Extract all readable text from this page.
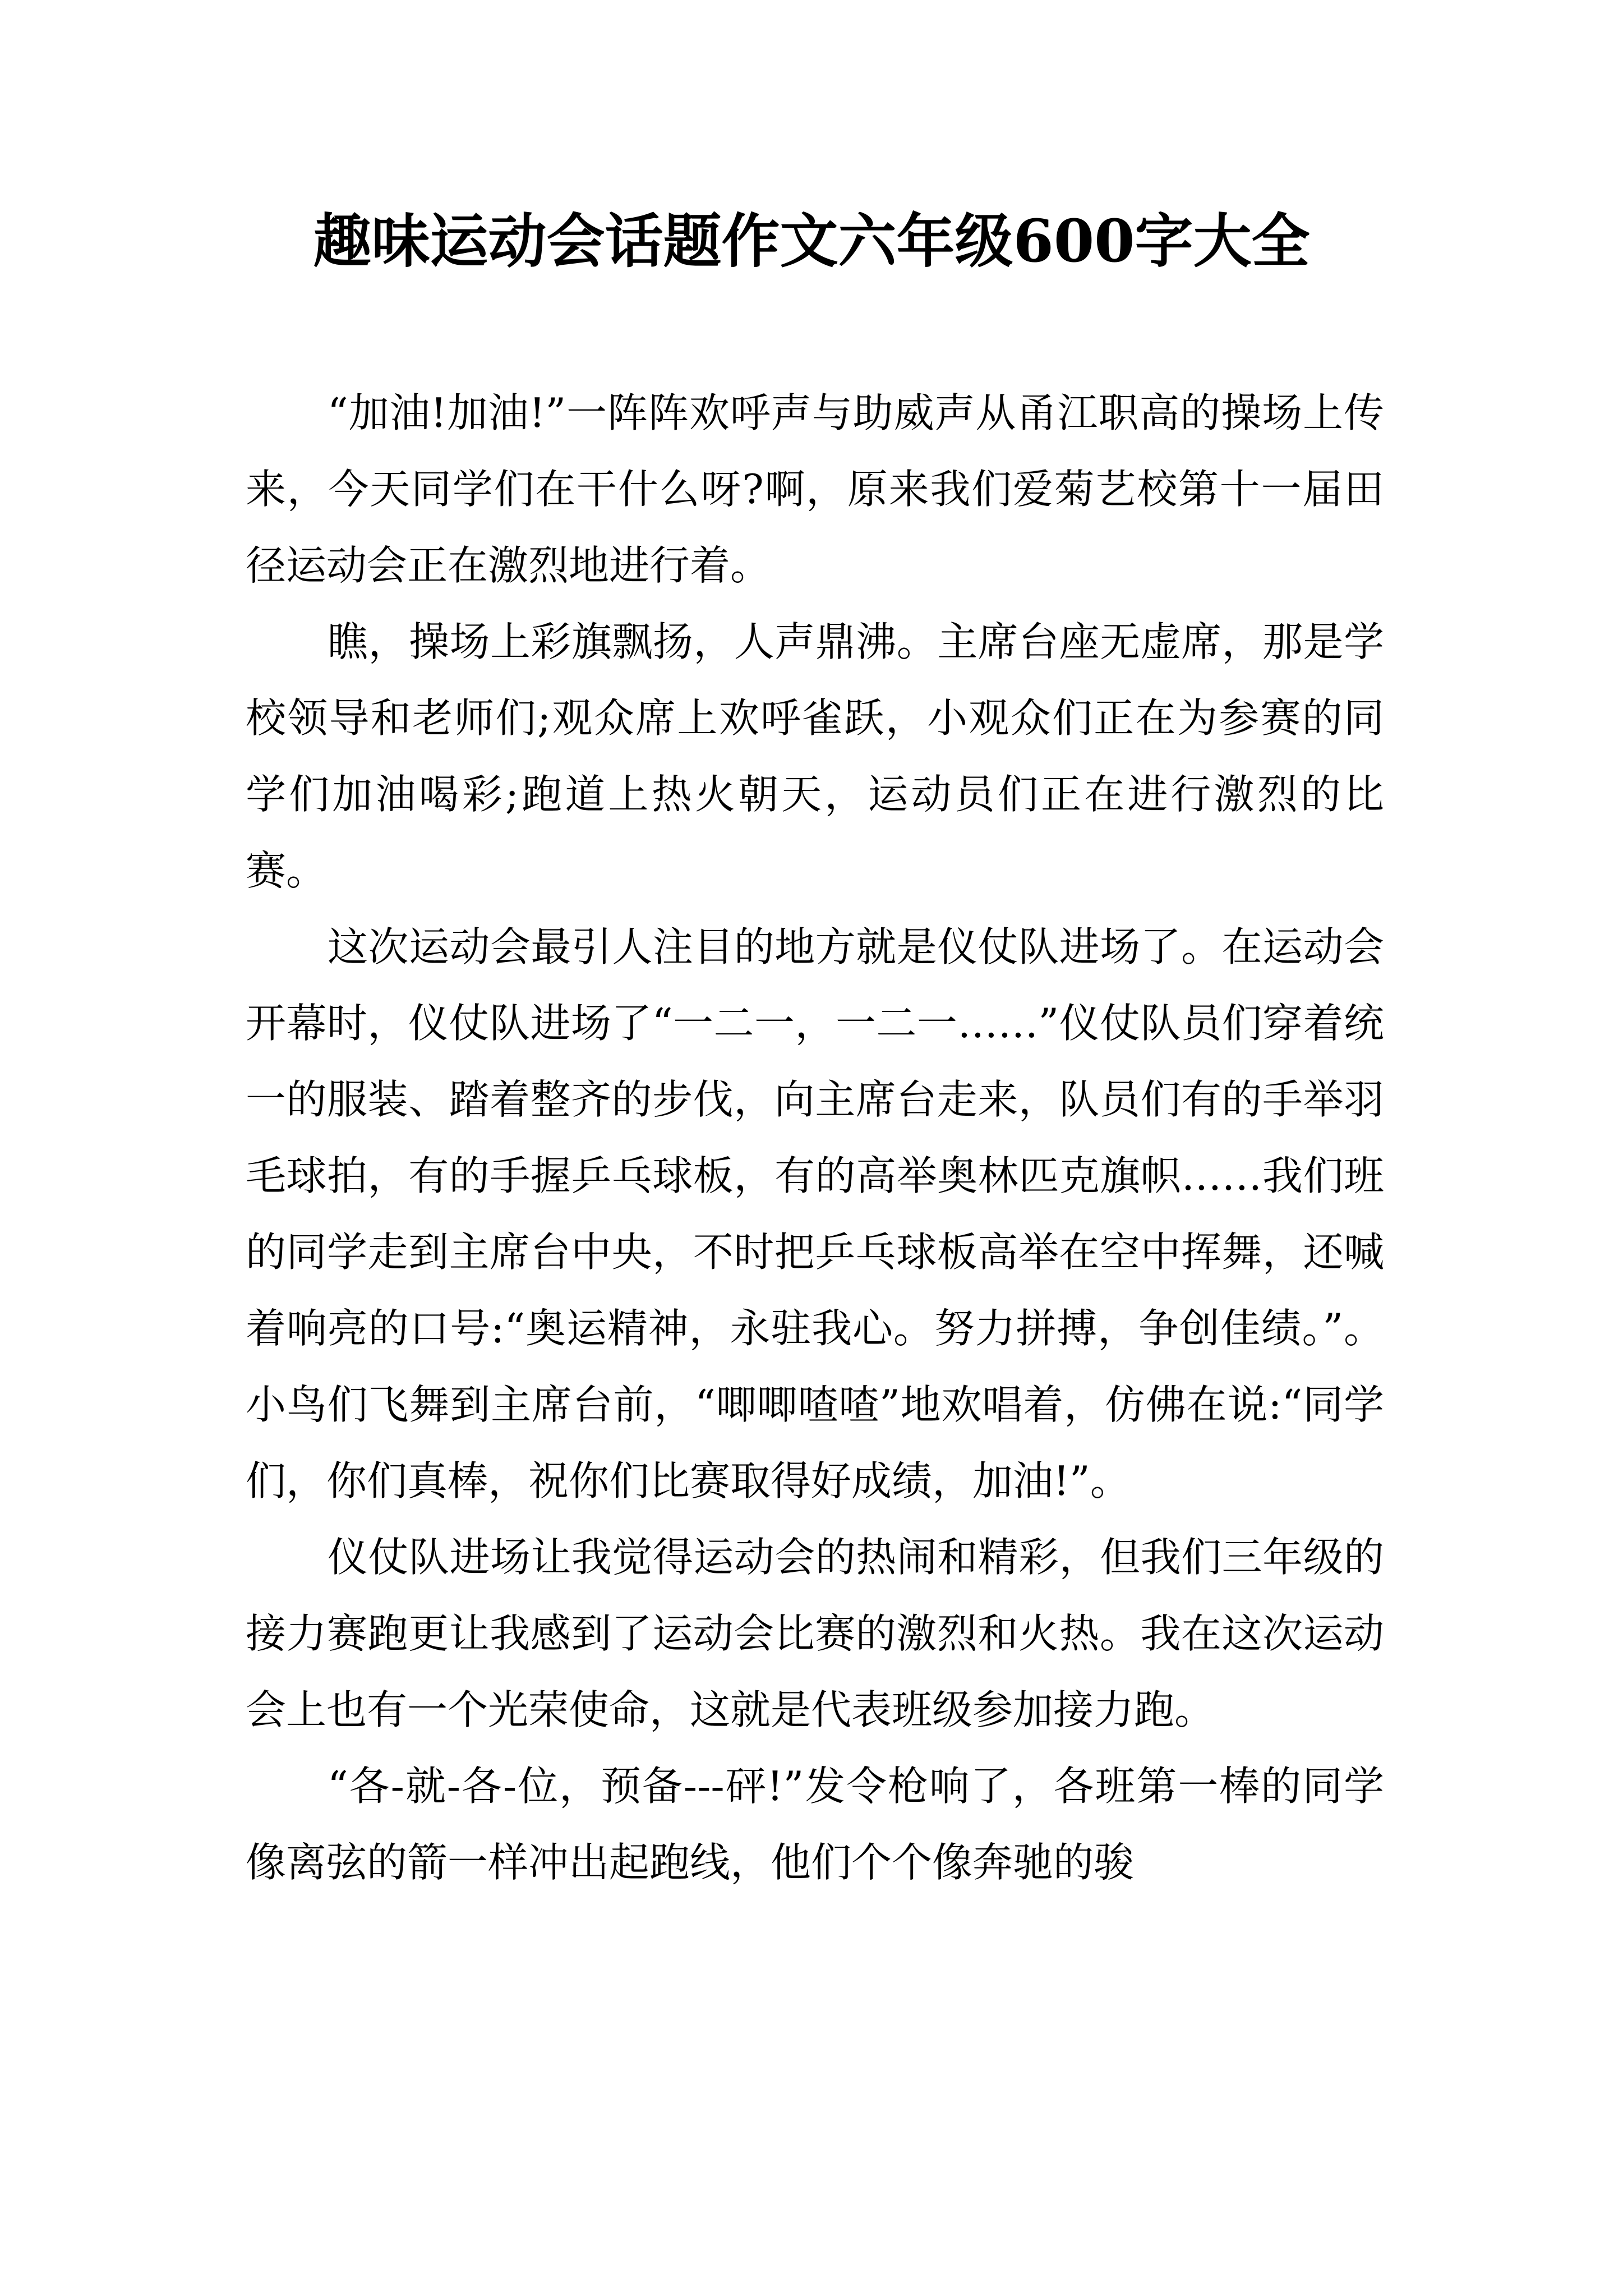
趣味运动会话题作文六年级600字大全

“加油!加油!”一阵阵欢呼声与助威声从甬江职高的操场上传来，今天同学们在干什么呀?啊，原来我们爱菊艺校第十一届田径运动会正在激烈地进行着。

瞧，操场上彩旗飘扬，人声鼎沸。主席台座无虚席，那是学校领导和老师们;观众席上欢呼雀跃，小观众们正在为参赛的同学们加油喝彩;跑道上热火朝天，运动员们正在进行激烈的比赛。

这次运动会最引人注目的地方就是仪仗队进场了。在运动会开幕时，仪仗队进场了“一二一，一二一……”仪仗队员们穿着统一的服装、踏着整齐的步伐，向主席台走来，队员们有的手举羽毛球拍，有的手握乒乓球板，有的高举奥林匹克旗帜……我们班的同学走到主席台中央，不时把乒乓球板高举在空中挥舞，还喊着响亮的口号:“奥运精神，永驻我心。努力拼搏，争创佳绩。”。小鸟们飞舞到主席台前，“唧唧喳喳”地欢唱着，仿佛在说:“同学们，你们真棒，祝你们比赛取得好成绩，加油!”。

仪仗队进场让我觉得运动会的热闹和精彩，但我们三年级的接力赛跑更让我感到了运动会比赛的激烈和火热。我在这次运动会上也有一个光荣使命，这就是代表班级参加接力跑。

“各-就-各-位，预备---砰!”发令枪响了，各班第一棒的同学像离弦的箭一样冲出起跑线，他们个个像奔驰的骏
